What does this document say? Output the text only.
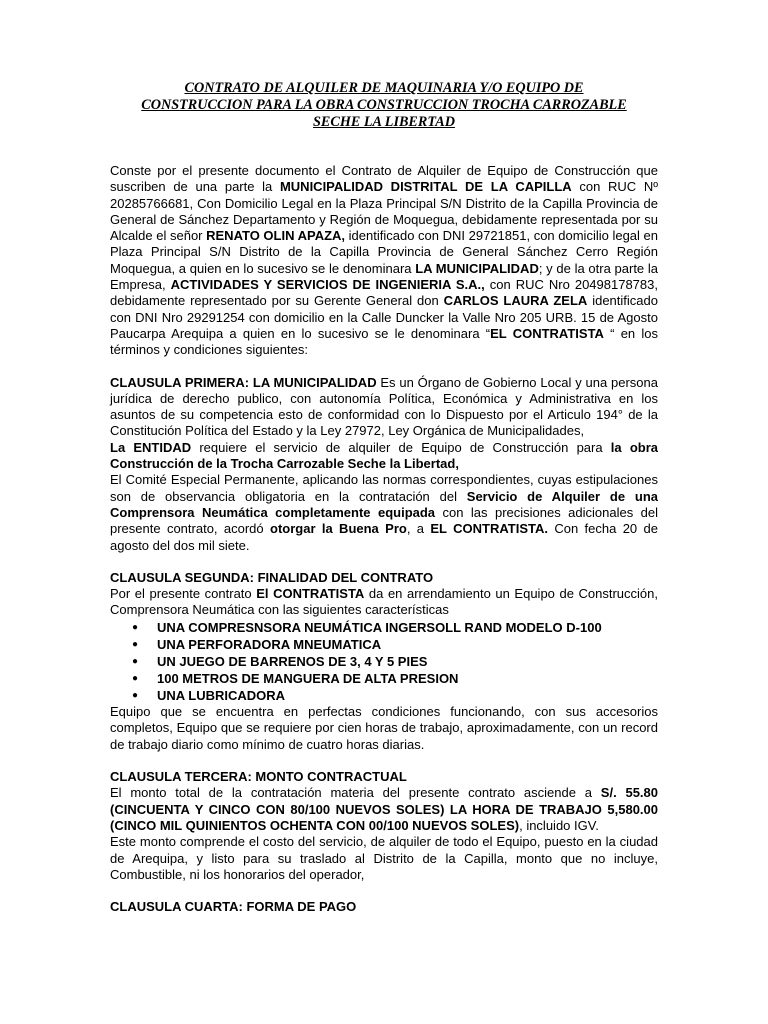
CONTRATO DE ALQUILER DE MAQUINARIA Y/O EQUIPO DE
CONSTRUCCION PARA LA OBRA CONSTRUCCION TROCHA CARROZABLE
SECHE LA LIBERTAD

Conste por el presente documento el Contrato de Alquiler de Equipo de Construcción que suscriben de una parte la MUNICIPALIDAD DISTRITAL DE LA CAPILLA con RUC Nº 20285766681, Con Domicilio Legal en la Plaza Principal S/N Distrito de la Capilla Provincia de General de Sánchez Departamento y Región de Moquegua, debidamente representada por su Alcalde el señor RENATO OLIN APAZA, identificado con DNI 29721851, con domicilio legal en Plaza Principal S/N Distrito de la Capilla Provincia de General Sánchez Cerro Región Moquegua, a quien en lo sucesivo se le denominara LA MUNICIPALIDAD; y de la otra parte la Empresa, ACTIVIDADES Y SERVICIOS DE INGENIERIA S.A., con RUC Nro 20498178783, debidamente representado por su Gerente General don CARLOS LAURA ZELA identificado con DNI Nro 29291254 con domicilio en la Calle Duncker la Valle Nro 205 URB. 15 de Agosto Paucarpa Arequipa a quien en lo sucesivo se le denominara “EL CONTRATISTA “ en los términos y condiciones siguientes:

CLAUSULA PRIMERA: LA MUNICIPALIDAD Es un Órgano de Gobierno Local y una persona jurídica de derecho publico, con autonomía Política, Económica y Administrativa en los asuntos de su competencia esto de conformidad con lo Dispuesto por el Articulo 194° de la Constitución Política del Estado y la Ley 27972, Ley Orgánica de Municipalidades,

La ENTIDAD requiere el servicio de alquiler de Equipo de Construcción para la obra Construcción de la Trocha Carrozable Seche la Libertad,

El Comité Especial Permanente, aplicando las normas correspondientes, cuyas estipulaciones son de observancia obligatoria en la contratación del Servicio de Alquiler de una Comprensora Neumática completamente equipada con las precisiones adicionales del presente contrato, acordó otorgar la Buena Pro, a EL CONTRATISTA. Con fecha 20 de agosto del dos mil siete.

CLAUSULA SEGUNDA: FINALIDAD DEL CONTRATO

Por el presente contrato El CONTRATISTA da en arrendamiento un Equipo de Construcción, Comprensora Neumática con las siguientes características

● UNA COMPRESNSORA NEUMÁTICA INGERSOLL RAND MODELO D-100
● UNA PERFORADORA MNEUMATICA
● UN JUEGO DE BARRENOS DE 3, 4 Y 5 PIES
● 100 METROS DE MANGUERA DE ALTA PRESION
● UNA LUBRICADORA

Equipo que se encuentra en perfectas condiciones funcionando, con sus accesorios completos, Equipo que se requiere por cien horas de trabajo, aproximadamente, con un record de trabajo diario como mínimo de cuatro horas diarias.

CLAUSULA TERCERA: MONTO CONTRACTUAL

El monto total de la contratación materia del presente contrato asciende a S/. 55.80 (CINCUENTA Y CINCO CON 80/100 NUEVOS SOLES) LA HORA DE TRABAJO 5,580.00 (CINCO MIL QUINIENTOS OCHENTA CON 00/100 NUEVOS SOLES), incluido IGV.

Este monto comprende el costo del servicio, de alquiler de todo el Equipo, puesto en la ciudad de Arequipa, y listo para su traslado al Distrito de la Capilla, monto que no incluye, Combustible, ni los honorarios del operador,

CLAUSULA CUARTA: FORMA DE PAGO
